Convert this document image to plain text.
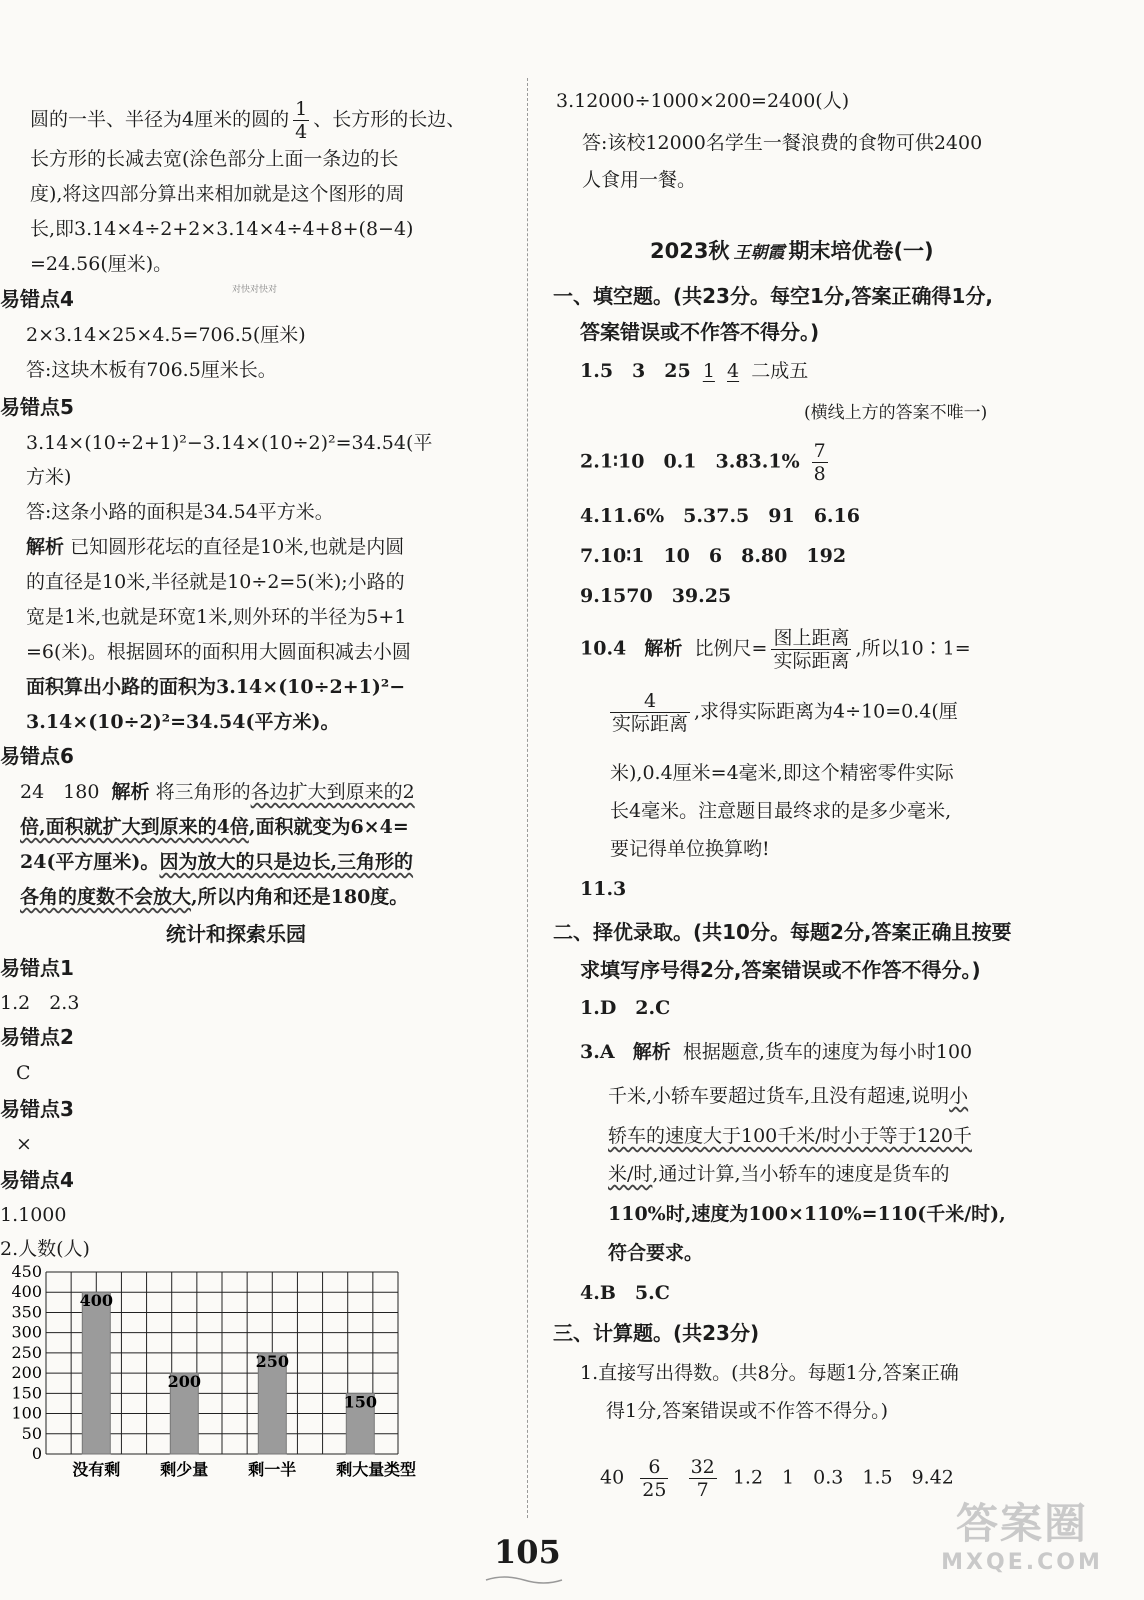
圆的一半、半径为4厘米的圆的 $\frac{1}{4}$ 、长方形的长边、
长方形的长减去宽(涂色部分上面一条边的长
度),将这四部分算出来相加就是这个图形的周
长,即3.14×4÷2+2×3.14×4÷4+8+(8−4)
=24.56(厘米)。
对快对快对
易错点4
2×3.14×25×4.5=706.5(厘米)
答:这块木板有706.5厘米长。
易错点5
3.14×(10÷2+1)²−3.14×(10÷2)²=34.54(平
方米)
答:这条小路的面积是34.54平方米。
解析 已知圆形花坛的直径是10米,也就是内圆
的直径是10米,半径就是10÷2=5(米);小路的
宽是1米,也就是环宽1米,则外环的半径为5+1
=6(米)。根据圆环的面积用大圆面积减去小圆
面积算出小路的面积为3.14×(10÷2+1)²−
3.14×(10÷2)²=34.54(平方米)。
易错点6
24　180 解析 将三角形的各边扩大到原来的2
倍,面积就扩大到原来的4倍,面积就变为6×4=
24(平方厘米)。因为放大的只是边长,三角形的
各角的度数不会放大,所以内角和还是180度。
统计和探索乐园
易错点1
1.2　2.3
易错点2
C
易错点3
×
易错点4
1.1000
2.人数(人)
450
400
350
300
250
200
150
100
50
0
400
没有剩
200
剩少量
250
剩一半
150
剩大量 类型
3.12000÷1000×200=2400(人)
答:该校12000名学生一餐浪费的食物可供2400
人食用一餐。
2023秋 王朝霞 期末培优卷(一)
一、填空题。(共23分。每空1分,答案正确得1分,
答案错误或不作答不得分。)
1.5　3　25 1 4 二成五
(横线上方的答案不唯一)
2.1∶10　0.1　$3.83.1\% \frac{7}{8}$
4.11.6%　5.37.5　91　6.16
7.10∶1　10　6　8.80　192
9.1570　39.25
10.4 解析 比例尺= $\frac{\text{图上距离}}{\text{实际距离}}$ ,所以10∶1=
$\frac{4}{\text{实际距离}}$ ,求得实际距离为4÷10=0.4(厘
米),0.4厘米=4毫米,即这个精密零件实际
长4毫米。注意题目最终求的是多少毫米,
要记得单位换算哟!
11.3
二、择优录取。(共10分。每题2分,答案正确且按要
求填写序号得2分,答案错误或不作答不得分。)
1.D　2.C
3.A 解析 根据题意,货车的速度为每小时100
千米,小轿车要超过货车,且没有超速,说明小
轿车的速度大于100千米/时小于等于120千
米/时,通过计算,当小轿车的速度是货车的
110%时,速度为100×110%=110(千米/时),
符合要求。
4.B　5.C
三、计算题。(共23分)
1.直接写出得数。(共8分。每题1分,答案正确
得1分,答案错误或不作答不得分。)
$40 \frac{6}{25}$
$\frac{32}{7} 1.2$　1　0.3　1.5　9.42
105
答案圈
MXQE.COM
